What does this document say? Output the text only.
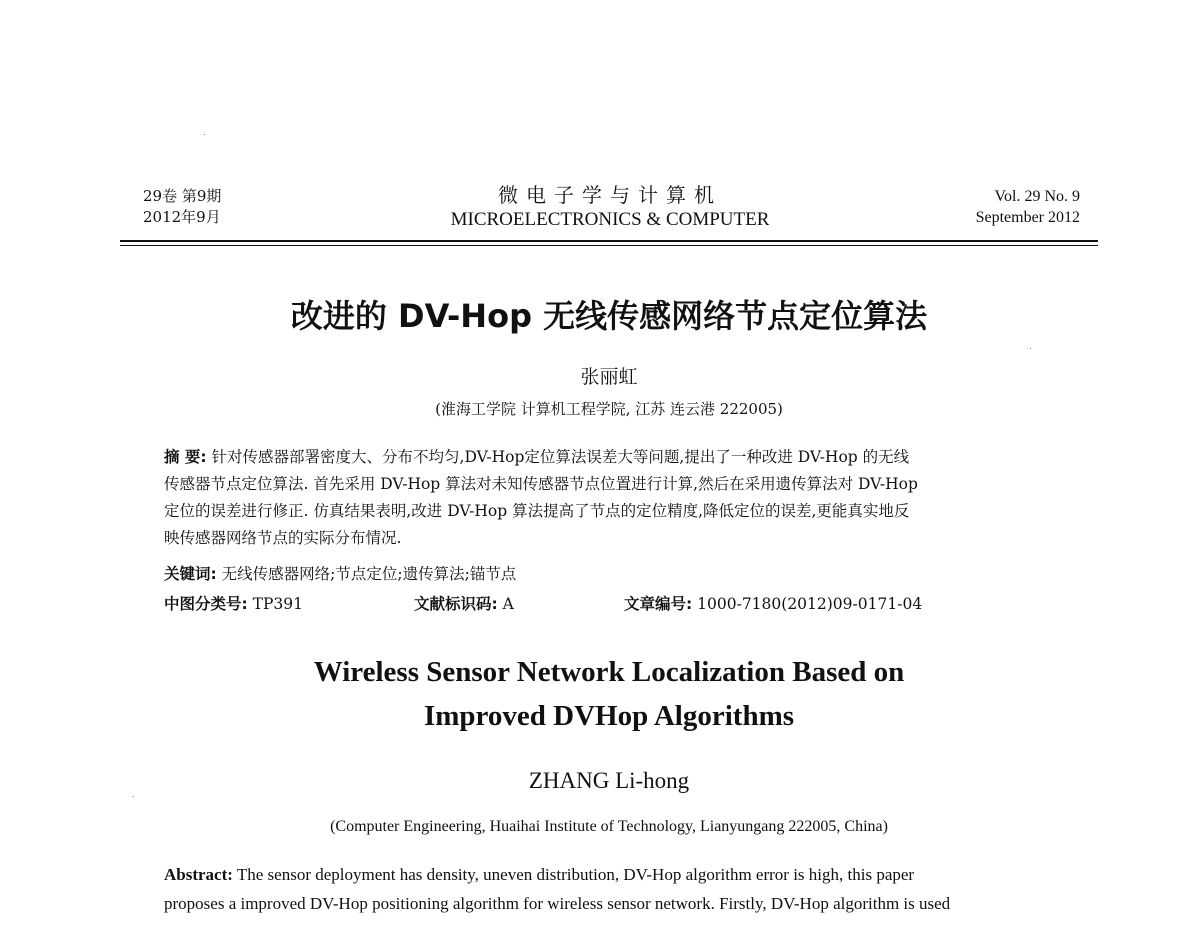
29卷 第9期
2012年9月
微电子学与计算机
MICROELECTRONICS & COMPUTER
Vol. 29 No. 9
September 2012
改进的 DV-Hop 无线传感网络节点定位算法
张丽虹
(淮海工学院 计算机工程学院, 江苏 连云港 222005)
摘 要: 针对传感器部署密度大、分布不均匀,DV-Hop定位算法误差大等问题,提出了一种改进 DV-Hop 的无线
传感器节点定位算法. 首先采用 DV-Hop 算法对未知传感器节点位置进行计算,然后在采用遗传算法对 DV-Hop
定位的误差进行修正. 仿真结果表明,改进 DV-Hop 算法提高了节点的定位精度,降低定位的误差,更能真实地反
映传感器网络节点的实际分布情况.
关键词: 无线传感器网络;节点定位;遗传算法;锚节点
中图分类号: TP391	文献标识码: A	文章编号: 1000-7180(2012)09-0171-04
Wireless Sensor Network Localization Based on
Improved DVHop Algorithms
ZHANG Li-hong
(Computer Engineering, Huaihai Institute of Technology, Lianyungang 222005, China)
Abstract: The sensor deployment has density, uneven distribution, DV-Hop algorithm error is high, this paper
proposes a improved DV-Hop positioning algorithm for wireless sensor network. Firstly, DV-Hop algorithm is used
